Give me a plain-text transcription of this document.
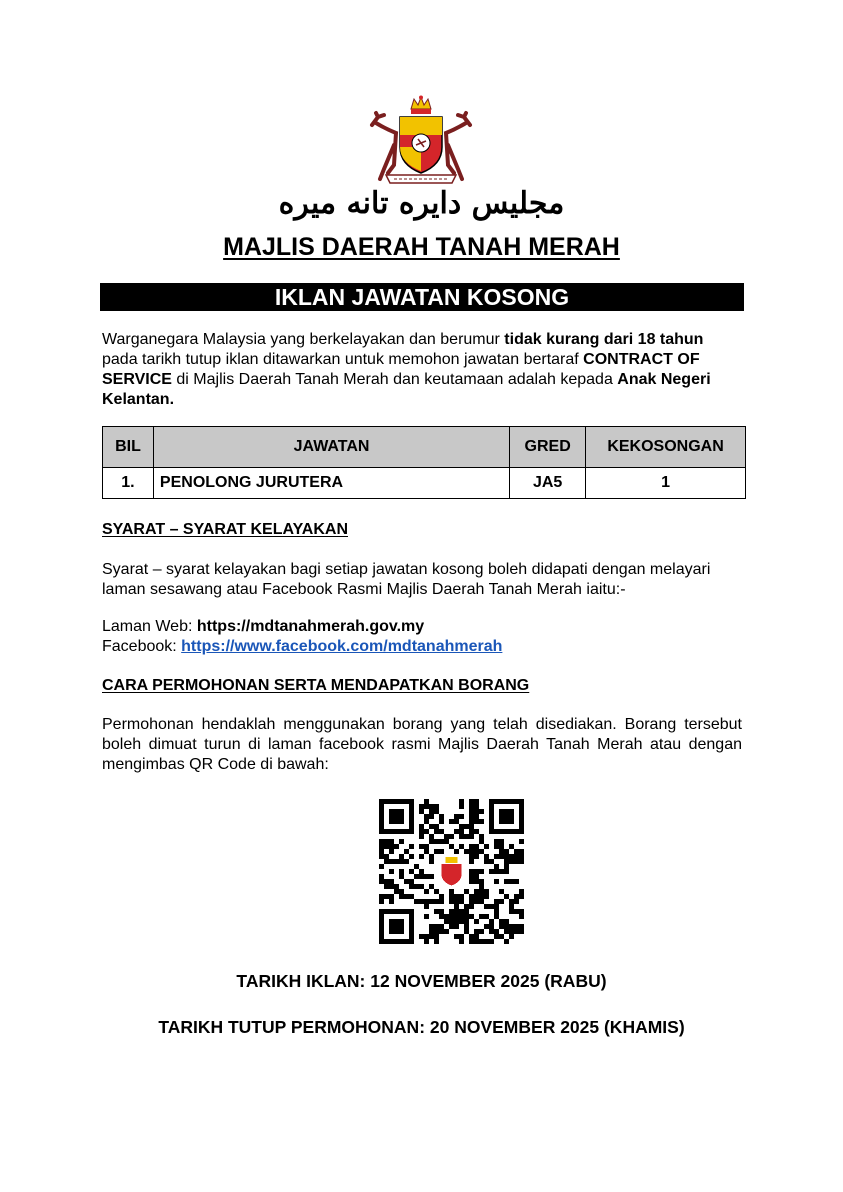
مجليس دايره تانه ميره
MAJLIS DAERAH TANAH MERAH
IKLAN JAWATAN KOSONG

Warganegara Malaysia yang berkelayakan dan berumur tidak kurang dari 18 tahun pada tarikh tutup iklan ditawarkan untuk memohon jawatan bertaraf CONTRACT OF SERVICE di Majlis Daerah Tanah Merah dan keutamaan adalah kepada Anak Negeri Kelantan.

BIL	JAWATAN	GRED	KEKOSONGAN
1.	PENOLONG JURUTERA	JA5	1
SYARAT – SYARAT KELAYAKAN

Syarat – syarat kelayakan bagi setiap jawatan kosong boleh didapati dengan melayari laman sesawang atau Facebook Rasmi Majlis Daerah Tanah Merah iaitu:-

Laman Web: https://mdtanahmerah.gov.my

Facebook: https://www.facebook.com/mdtanahmerah

CARA PERMOHONAN SERTA MENDAPATKAN BORANG

Permohonan hendaklah menggunakan borang yang telah disediakan. Borang tersebut boleh dimuat turun di laman facebook rasmi Majlis Daerah Tanah Merah atau dengan mengimbas QR Code di bawah:

TARIKH IKLAN: 12 NOVEMBER 2025 (RABU)
TARIKH TUTUP PERMOHONAN: 20 NOVEMBER 2025 (KHAMIS)
